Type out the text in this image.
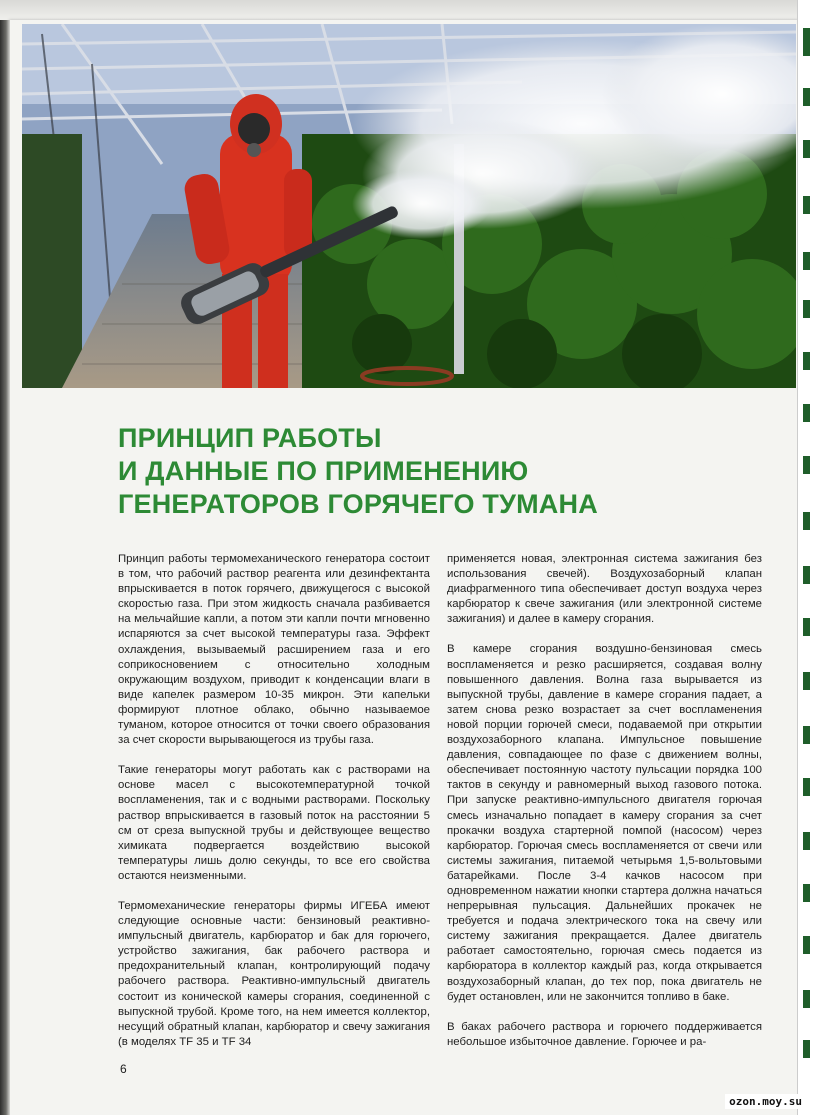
ПРИНЦИП РАБОТЫ
И ДАННЫЕ ПО ПРИМЕНЕНИЮ
ГЕНЕРАТОРОВ ГОРЯЧЕГО ТУМАНА

Принцип работы термомеханического генератора состоит в том, что рабочий раствор реагента или дезинфектанта впрыскивается в поток горячего, движущегося с высокой скоростью газа. При этом жидкость сначала разбивается на мельчайшие капли, а потом эти капли почти мгновенно испаряются за счет высокой температуры газа. Эффект охлаждения, вызываемый расширением газа и его соприкосновением с относительно холодным окружающим воздухом, приводит к конденсации влаги в виде капелек размером 10-35 микрон. Эти капельки формируют плотное облако, обычно называемое туманом, которое относится от точки своего образования за счет скорости вырывающегося из трубы газа.

Такие генераторы могут работать как с растворами на основе масел с высокотемпературной точкой воспламенения, так и с водными растворами. Поскольку раствор впрыскивается в газовый поток на расстоянии 5 см от среза выпускной трубы и действующее вещество химиката подвергается воздействию высокой температуры лишь долю секунды, то все его свойства остаются неизменными.

Термомеханические генераторы фирмы ИГЕБА имеют следующие основные части: бензиновый реактивно-импульсный двигатель, карбюратор и бак для горючего, устройство зажигания, бак рабочего раствора и предохранительный клапан, контролирующий подачу рабочего раствора. Реактивно-импульсный двигатель состоит из конической камеры сгорания, соединенной с выпускной трубой. Кроме того, на нем имеется коллектор, несущий обратный клапан, карбюратор и свечу зажигания (в моделях TF 35 и TF 34

применяется новая, электронная система зажигания без использования свечей). Воздухозаборный клапан диафрагменного типа обеспечивает доступ воздуха через карбюратор к свече зажигания (или электронной системе зажигания) и далее в камеру сгорания.

В камере сгорания воздушно-бензиновая смесь воспламеняется и резко расширяется, создавая волну повышенного давления. Волна газа вырывается из выпускной трубы, давление в камере сгорания падает, а затем снова резко возрастает за счет воспламенения новой порции горючей смеси, подаваемой при открытии воздухозаборного клапана. Импульсное повышение давления, совпадающее по фазе с движением волны, обеспечивает постоянную частоту пульсации порядка 100 тактов в секунду и равномерный выход газового потока. При запуске реактивно-импульсного двигателя горючая смесь изначально попадает в камеру сгорания за счет прокачки воздуха стартерной помпой (насосом) через карбюратор. Горючая смесь воспламеняется от свечи или системы зажигания, питаемой четырьмя 1,5-вольтовыми батарейками. После 3-4 качков насосом при одновременном нажатии кнопки стартера должна начаться непрерывная пульсация. Дальнейших прокачек не требуется и подача электрического тока на свечу или систему зажигания прекращается. Далее двигатель работает самостоятельно, горючая смесь подается из карбюратора в коллектор каждый раз, когда открывается воздухозаборный клапан, до тех пор, пока двигатель не будет остановлен, или не закончится топливо в баке.

В баках рабочего раствора и горючего поддерживается небольшое избыточное давление. Горючее и ра-

6
ozon.moy.su
